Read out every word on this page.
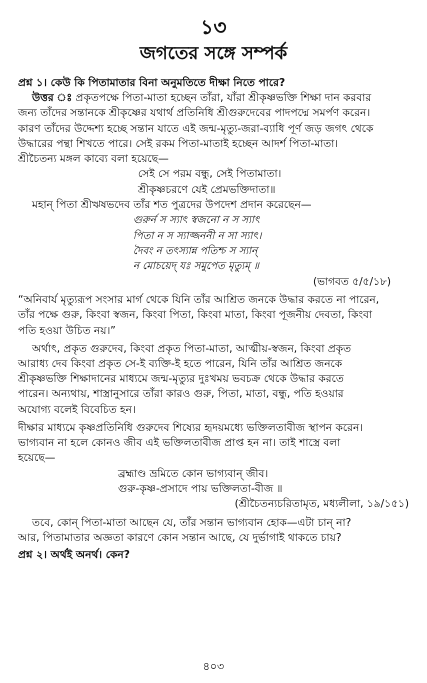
১৩
জগতের সঙ্গে সম্পর্ক

প্রশ্ন ১। কেউ কি পিতামাতার বিনা অনুমতিতে দীক্ষা নিতে পারে?

উত্তর ঃ প্রকৃতপক্ষে পিতা-মাতা হচ্ছেন তাঁরা, যাঁরা শ্রীকৃষ্ণভক্তি শিক্ষা দান করবার

জন্য তাঁদের সন্তানকে শ্রীকৃষ্ণের যথার্থ প্রতিনিধি শ্রীগুরুদেবের পাদপদ্মে সমর্পণ করেন।

কারণ তাঁদের উদ্দেশ্য হচ্ছে সন্তান যাতে এই জন্ম-মৃত্যু-জরা-ব্যাধি পূর্ণ জড় জগৎ থেকে

উদ্ধারের পন্থা শিখতে পারে। সেই রকম পিতা-মাতাই হচ্ছেন আদর্শ পিতা-মাতা।

শ্রীচৈতন্য মঙ্গল কাব্যে বলা হয়েছে—

সেই সে পরম বন্ধু, সেই পিতামাতা।
শ্রীকৃষ্ণচরণে যেই প্রেমভক্তিদাতা॥

মহান্ পিতা শ্রীঋষভদেব তাঁর শত পুত্রদের উপদেশ প্রদান করেছেন—

গুরুর্ন স স্যাৎ স্বজনো ন স স্যাৎ
পিতা ন স স্যাজ্জননী ন সা স্যাৎ।
দৈবং ন তৎস্যান্ন পতিশ্চ স স্যান্
ন মোচয়েদ্ যঃ সমুপেত মৃত্যুম্ ॥
(ভাগবত ৫/৫/১৮)

“অনিবার্য মৃত্যুরূপ সংসার মার্গ থেকে যিনি তাঁর আশ্রিত জনকে উদ্ধার করতে না পারেন,

তাঁর পক্ষে গুরু, কিংবা স্বজন, কিংবা পিতা, কিংবা মাতা, কিংবা পূজনীয় দেবতা, কিংবা

পতি হওয়া উচিত নয়।”

অর্থাৎ, প্রকৃত গুরুদেব, কিংবা প্রকৃত পিতা-মাতা, আত্মীয়-স্বজন, কিংবা প্রকৃত

আরাধ্য দেব কিংবা প্রকৃত সে-ই ব্যক্তি-ই হতে পারেন, যিনি তাঁর আশ্রিত জনকে

শ্রীকৃষ্ণভক্তি শিক্ষাদানের মাধ্যমে জন্ম-মৃত্যুর দুঃখময় ভবচক্র থেকে উদ্ধার করতে

পারেন। অন্যথায়, শাস্ত্রানুসারে তাঁরা কারও গুরু, পিতা, মাতা, বন্ধু, পতি হওয়ার

অযোগ্য বলেই বিবেচিত হন।

দীক্ষার মাধ্যমে কৃষ্ণপ্রতিনিধি গুরুদেব শিষ্যের হৃদয়মধ্যে ভক্তিলতাবীজ স্থাপন করেন।

ভাগ্যবান না হলে কোনও জীব এই ভক্তিলতাবীজ প্রাপ্ত হন না। তাই শাস্ত্রে বলা

হয়েছে—

ব্রহ্মাণ্ড ভ্রমিতে কোন ভাগ্যবান্ জীব।
গুরু-কৃষ্ণ-প্রসাদে পায় ভক্তিলতা-বীজ ॥
(শ্রীচৈতন্যচরিতামৃত, মধ্যলীলা, ১৯/১৫১)

তবে, কোন্ পিতা-মাতা আছেন যে, তাঁর সন্তান ভাগ্যবান হোক—এটা চান্ না?

আর, পিতামাতার অজ্ঞতা কারণে কোন সন্তান আছে, যে দুর্ভাগাই থাকতে চায়?

প্রশ্ন ২। অর্থই অনর্থ। কেন?

৪০৩
